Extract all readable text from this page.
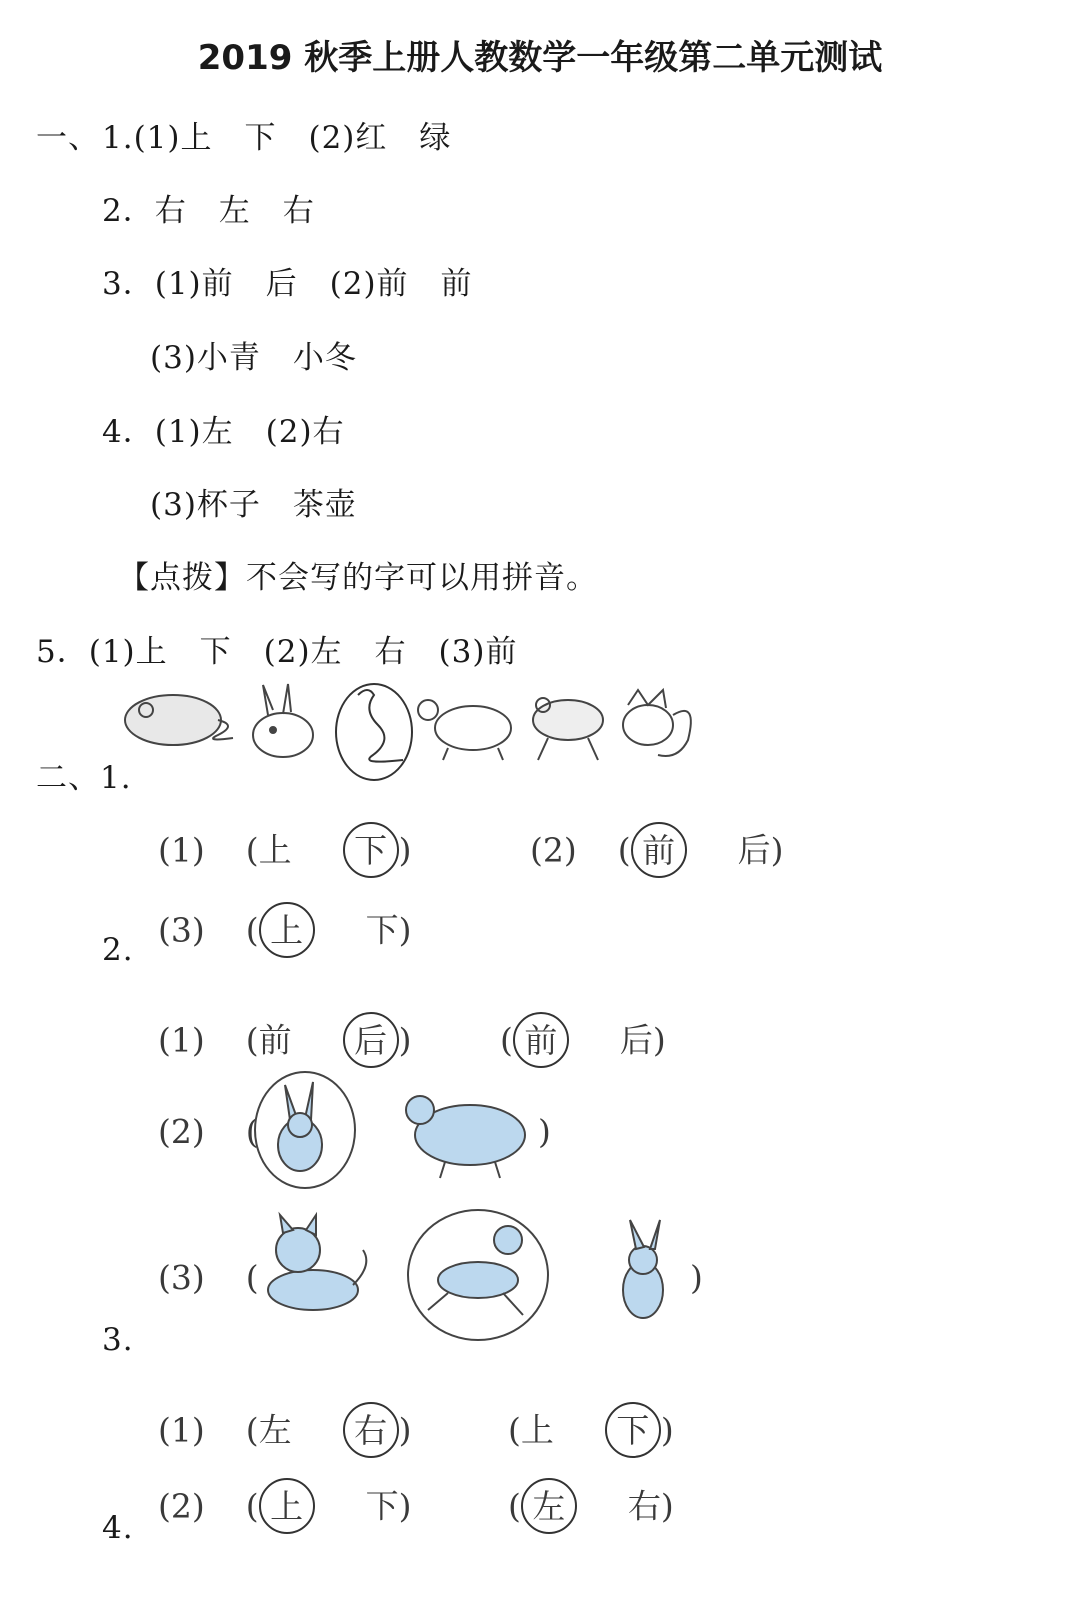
2019 秋季上册人教数学一年级第二单元测试
一、 1.(1)上　下　(2)红　绿
2．右　左　右
3．(1)前　后　(2)前　前
(3)小青　小冬
4．(1)左　(2)右
(3)杯子　茶壶
【点拨】不会写的字可以用拼音。
5．(1)上　下　(2)左　右　(3)前
二、1.
(1) (上 下 )	(2) ( 前 后)
(3) ( 上 下)
2.
(1) (前 后 )	( 前 后)
(2) (	)
(3) (	)
3.
(1) (左 右 )	(上 下 )
(2) ( 上 下)	( 左 右)
4.
